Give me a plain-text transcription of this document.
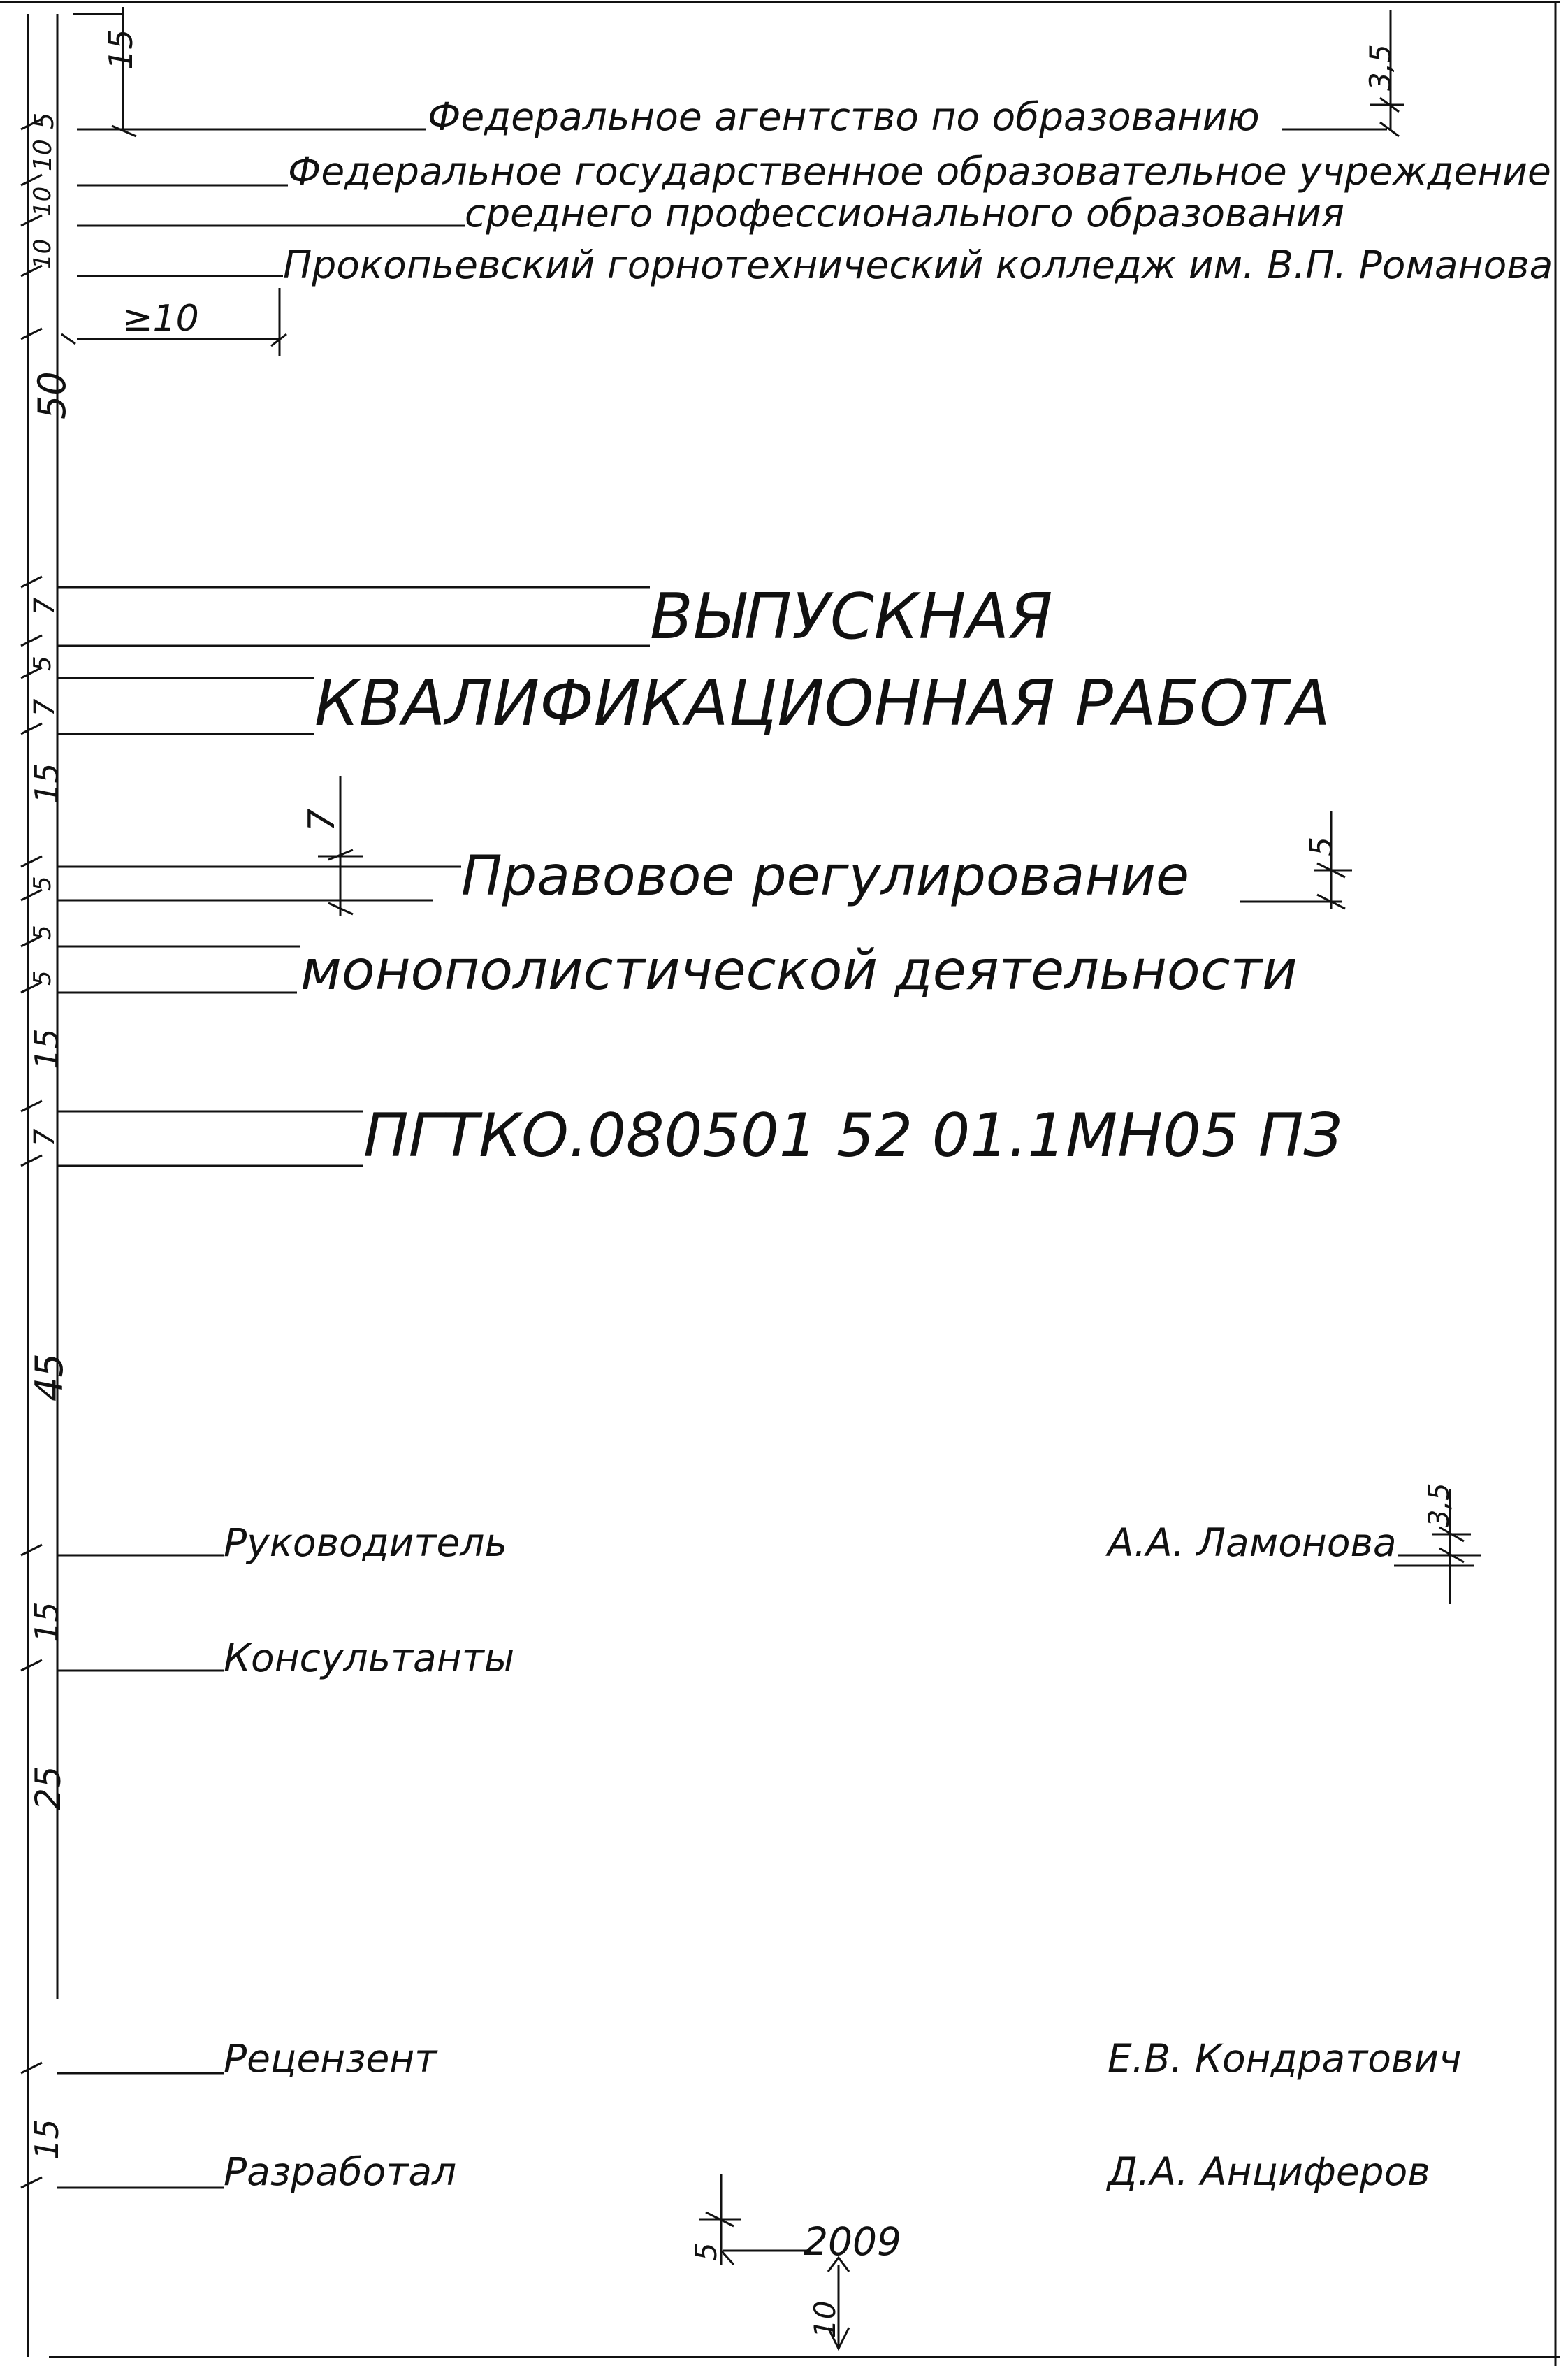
15	3,5
5
10
10
10
≥10
50
7
5
7
15
7
5
5
5
5
15
7
45
3,5
15
25
15
5
10
Федеральное агентство по образованию
Федеральное государственное образовательное учреждение
среднего профессионального образования
Прокопьевский горнотехнический колледж им. В.П. Романова
ВЫПУСКНАЯ
КВАЛИФИКАЦИОННАЯ РАБОТА
Правовое регулирование
монополистической деятельности
ПГТКО.080501 52 01.1МН05 ПЗ
Руководитель	А.А. Ламонова
Консультанты
Рецензент	Е.В. Кондратович
Разработал	Д.А. Анциферов
2009
